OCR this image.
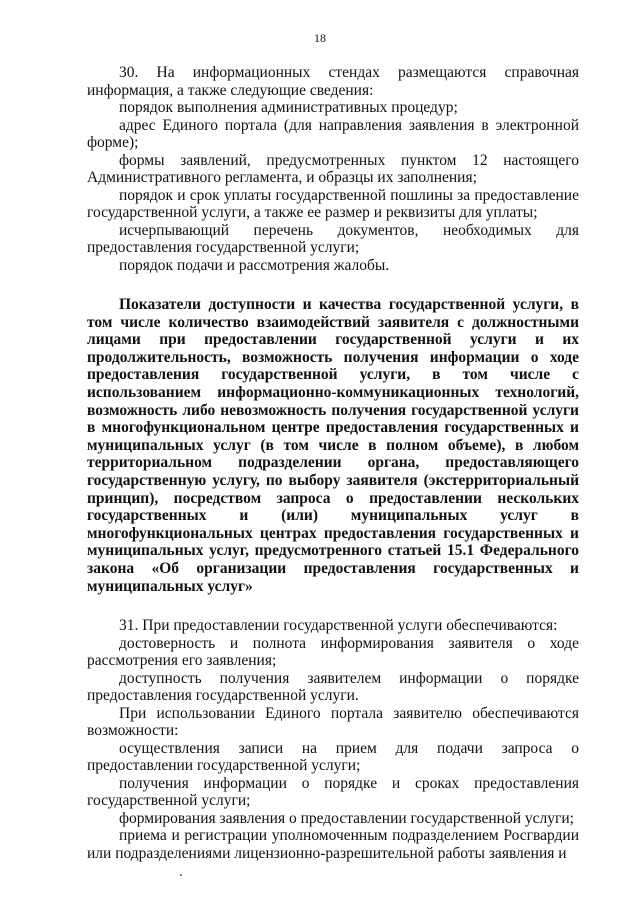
18

30. На информационных стендах размещаются справочная информация, а также следующие сведения:

порядок выполнения административных процедур;

адрес Единого портала (для направления заявления в электронной форме);

формы заявлений, предусмотренных пунктом 12 настоящего Административного регламента, и образцы их заполнения;

порядок и срок уплаты государственной пошлины за предоставление государственной услуги, а также ее размер и реквизиты для уплаты;

исчерпывающий перечень документов, необходимых для предоставления государственной услуги;

порядок подачи и рассмотрения жалобы.

Показатели доступности и качества государственной услуги, в том числе количество взаимодействий заявителя с должностными лицами при предоставлении государственной услуги и их продолжительность, возможность получения информации о ходе предоставления государственной услуги, в том числе с использованием информационно-коммуникационных технологий, возможность либо невозможность получения государственной услуги в многофункциональном центре предоставления государственных и муниципальных услуг (в том числе в полном объеме), в любом территориальном подразделении органа, предоставляющего государственную услугу, по выбору заявителя (экстерриториальный принцип), посредством запроса о предоставлении нескольких государственных и (или) муниципальных услуг в многофункциональных центрах предоставления государственных и муниципальных услуг, предусмотренного статьей 15.1 Федерального закона «Об организации предоставления государственных и муниципальных услуг»

31. При предоставлении государственной услуги обеспечиваются:

достоверность и полнота информирования заявителя о ходе рассмотрения его заявления;

доступность получения заявителем информации о порядке предоставления государственной услуги.

При использовании Единого портала заявителю обеспечиваются возможности:

осуществления записи на прием для подачи запроса о предоставлении государственной услуги;

получения информации о порядке и сроках предоставления государственной услуги;

формирования заявления о предоставлении государственной услуги;

приема и регистрации уполномоченным подразделением Росгвардии или подразделениями лицензионно-разрешительной работы заявления и
